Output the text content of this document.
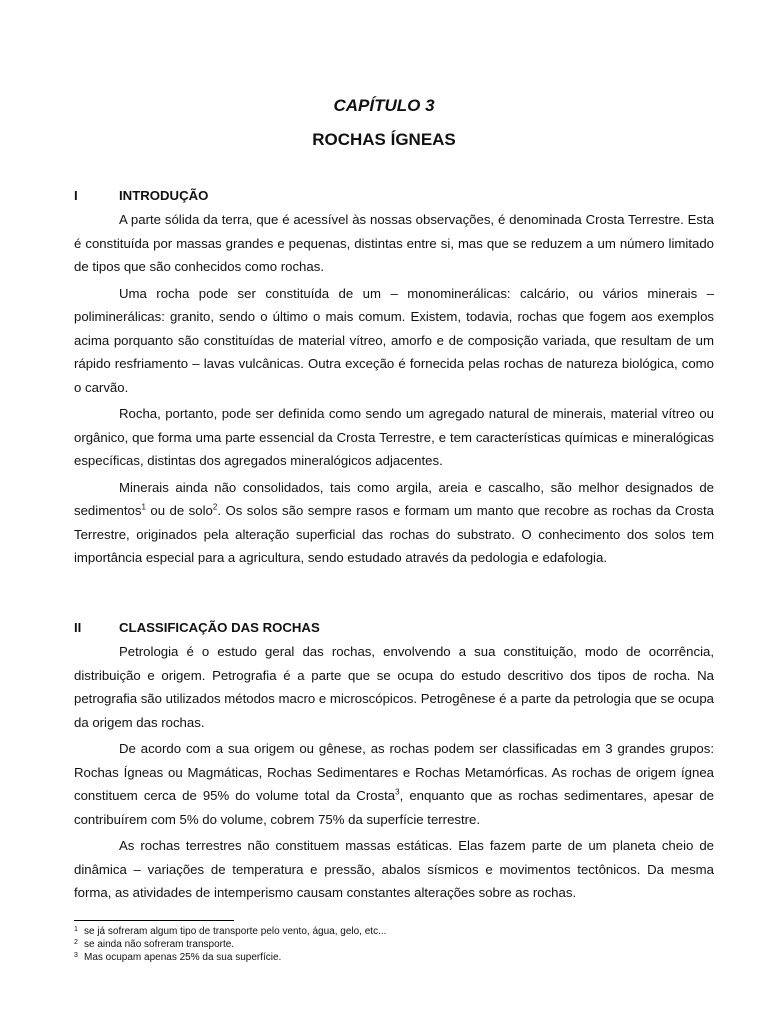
CAPÍTULO 3
ROCHAS ÍGNEAS
I	INTRODUÇÃO

A parte sólida da terra, que é acessível às nossas observações, é denominada Crosta Terrestre. Esta é constituída por massas grandes e pequenas, distintas entre si, mas que se reduzem a um número limitado de tipos que são conhecidos como rochas.

Uma rocha pode ser constituída de um – monominerálicas: calcário, ou vários minerais – poliminerálicas: granito, sendo o último o mais comum. Existem, todavia, rochas que fogem aos exemplos acima porquanto são constituídas de material vítreo, amorfo e de composição variada, que resultam de um rápido resfriamento – lavas vulcânicas. Outra exceção é fornecida pelas rochas de natureza biológica, como o carvão.

Rocha, portanto, pode ser definida como sendo um agregado natural de minerais, material vítreo ou orgânico, que forma uma parte essencial da Crosta Terrestre, e tem características químicas e mineralógicas específicas, distintas dos agregados mineralógicos adjacentes.

Minerais ainda não consolidados, tais como argila, areia e cascalho, são melhor designados de sedimentos$^1$ ou de solo$^2$. Os solos são sempre rasos e formam um manto que recobre as rochas da Crosta Terrestre, originados pela alteração superficial das rochas do substrato. O conhecimento dos solos tem importância especial para a agricultura, sendo estudado através da pedologia e edafologia.

II	CLASSIFICAÇÃO DAS ROCHAS

Petrologia é o estudo geral das rochas, envolvendo a sua constituição, modo de ocorrência, distribuição e origem. Petrografia é a parte que se ocupa do estudo descritivo dos tipos de rocha. Na petrografia são utilizados métodos macro e microscópicos. Petrogênese é a parte da petrologia que se ocupa da origem das rochas.

De acordo com a sua origem ou gênese, as rochas podem ser classificadas em 3 grandes grupos: Rochas Ígneas ou Magmáticas, Rochas Sedimentares e Rochas Metamórficas. As rochas de origem ígnea constituem cerca de 95% do volume total da Crosta$^3$, enquanto que as rochas sedimentares, apesar de contribuírem com 5% do volume, cobrem 75% da superfície terrestre.

As rochas terrestres não constituem massas estáticas. Elas fazem parte de um planeta cheio de dinâmica – variações de temperatura e pressão, abalos sísmicos e movimentos tectônicos. Da mesma forma, as atividades de intemperismo causam constantes alterações sobre as rochas.

1 se já sofreram algum tipo de transporte pelo vento, água, gelo, etc...
2 se ainda não sofreram transporte.
3 Mas ocupam apenas 25% da sua superfície.
